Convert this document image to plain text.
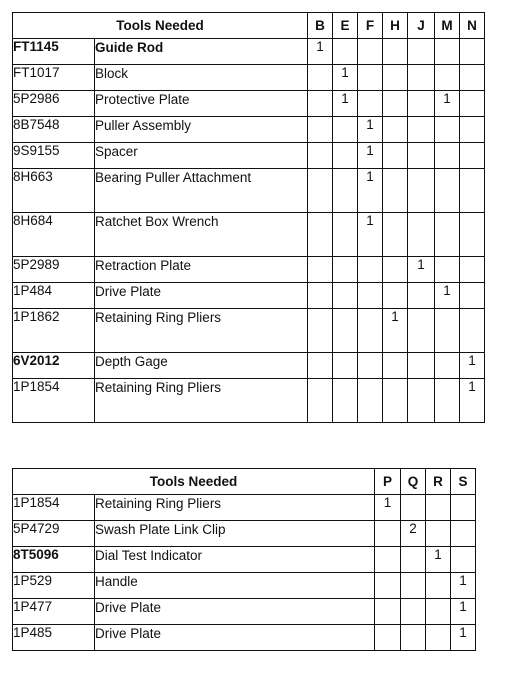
Tools Needed		B	E	F	H	J	M	N
FT1145	Guide Rod	1						
FT1017	Block		1					
5P2986	Protective Plate		1				1	
8B7548	Puller Assembly			1				
9S9155	Spacer			1				
8H663	Bearing Puller Attachment			1				
8H684	Ratchet Box Wrench			1				
5P2989	Retraction Plate					1		
1P484	Drive Plate						1	
1P1862	Retaining Ring Pliers				1			
6V2012	Depth Gage							1
1P1854	Retaining Ring Pliers							1
Tools Needed		P	Q	R	S
1P1854	Retaining Ring Pliers	1			
5P4729	Swash Plate Link Clip		2		
8T5096	Dial Test Indicator			1	
1P529	Handle				1
1P477	Drive Plate				1
1P485	Drive Plate				1
